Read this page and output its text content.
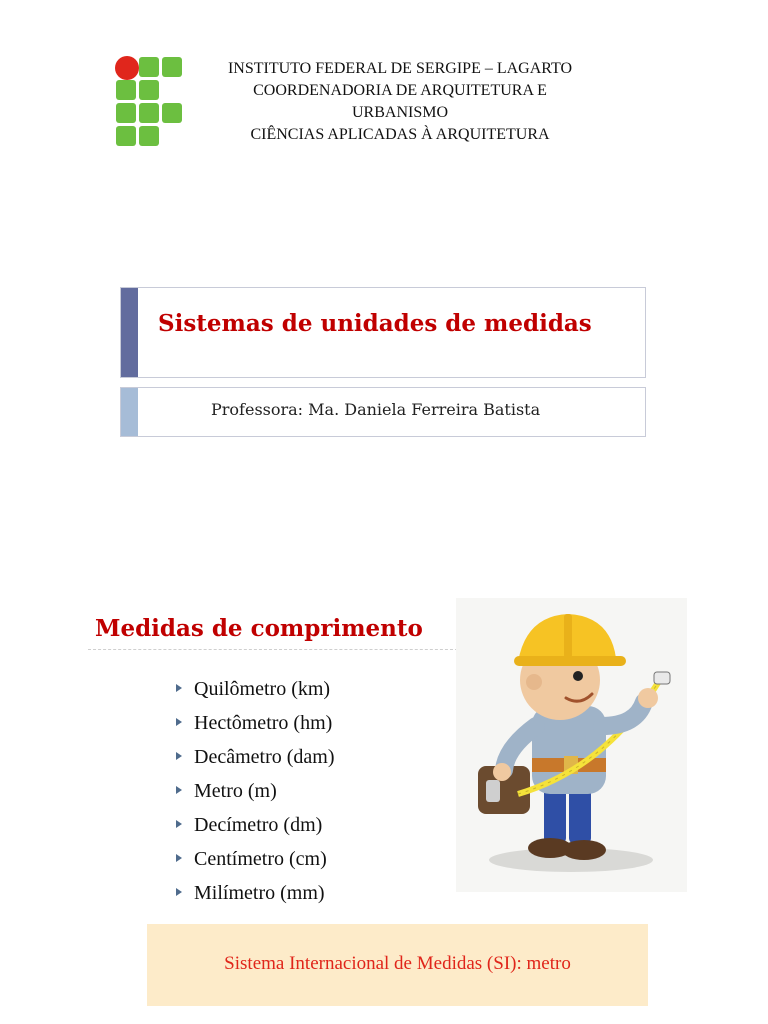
INSTITUTO FEDERAL DE SERGIPE – LAGARTO
COORDENADORIA DE ARQUITETURA E
URBANISMO
CIÊNCIAS APLICADAS À ARQUITETURA
Sistemas de unidades de medidas
Professora: Ma. Daniela Ferreira Batista
Medidas de comprimento
Quilômetro (km)
Hectômetro (hm)
Decâmetro (dam)
Metro (m)
Decímetro (dm)
Centímetro (cm)
Milímetro (mm)
Sistema Internacional de Medidas (SI): metro
